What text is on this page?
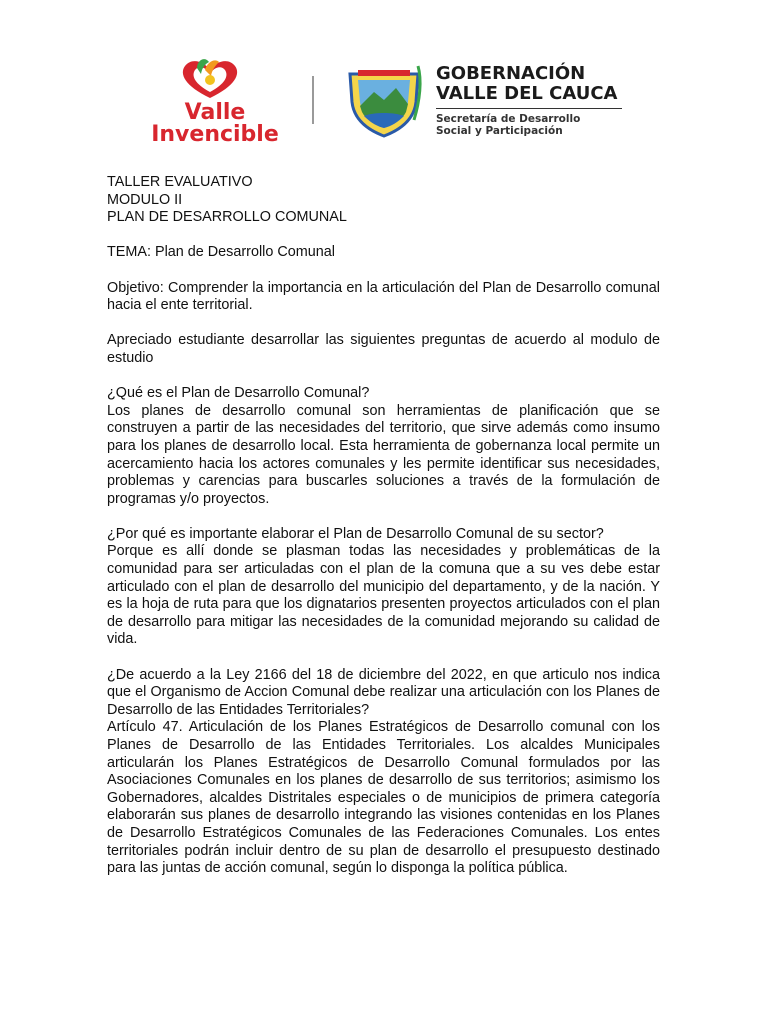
Valle Invencible
GOBERNACIÓN
VALLE DEL CAUCA
Secretaría de Desarrollo
Social y Participación

TALLER EVALUATIVO
MODULO II
PLAN DE DESARROLLO COMUNAL

TEMA: Plan de Desarrollo Comunal

Objetivo: Comprender la importancia en la articulación del Plan de Desarrollo comunal hacia el ente territorial.

Apreciado estudiante desarrollar las siguientes preguntas de acuerdo al modulo de estudio

¿Qué es el Plan de Desarrollo Comunal?
Los planes de desarrollo comunal son herramientas de planificación que se construyen a partir de las necesidades del territorio, que sirve además como insumo para los planes de desarrollo local. Esta herramienta de gobernanza local permite un acercamiento hacia los actores comunales y les permite identificar sus necesidades, problemas y carencias para buscarles soluciones a través de la formulación de programas y/o proyectos.

¿Por qué es importante elaborar el Plan de Desarrollo Comunal de su sector?
Porque es allí donde se plasman todas las necesidades y problemáticas de la comunidad para ser articuladas con el plan de la comuna que a su ves debe estar articulado con el plan de desarrollo del municipio del departamento, y de la nación. Y es la hoja de ruta para que los dignatarios presenten proyectos articulados con el plan de desarrollo para mitigar las necesidades de la comunidad mejorando su calidad de vida.

¿De acuerdo a la Ley 2166 del 18 de diciembre del 2022, en que articulo nos indica que el Organismo de Accion Comunal debe realizar una articulación con los Planes de Desarrollo de las Entidades Territoriales?
Artículo 47. Articulación de los Planes Estratégicos de Desarrollo comunal con los Planes de Desarrollo de las Entidades Territoriales. Los alcaldes Municipales articularán los Planes Estratégicos de Desarrollo Comunal formulados por las Asociaciones Comunales en los planes de desarrollo de sus territorios; asimismo los Gobernadores, alcaldes Distritales especiales o de municipios de primera categoría elaborarán sus planes de desarrollo integrando las visiones contenidas en los Planes de Desarrollo Estratégicos Comunales de las Federaciones Comunales. Los entes territoriales podrán incluir dentro de su plan de desarrollo el presupuesto destinado para las juntas de acción comunal, según lo disponga la política pública.
